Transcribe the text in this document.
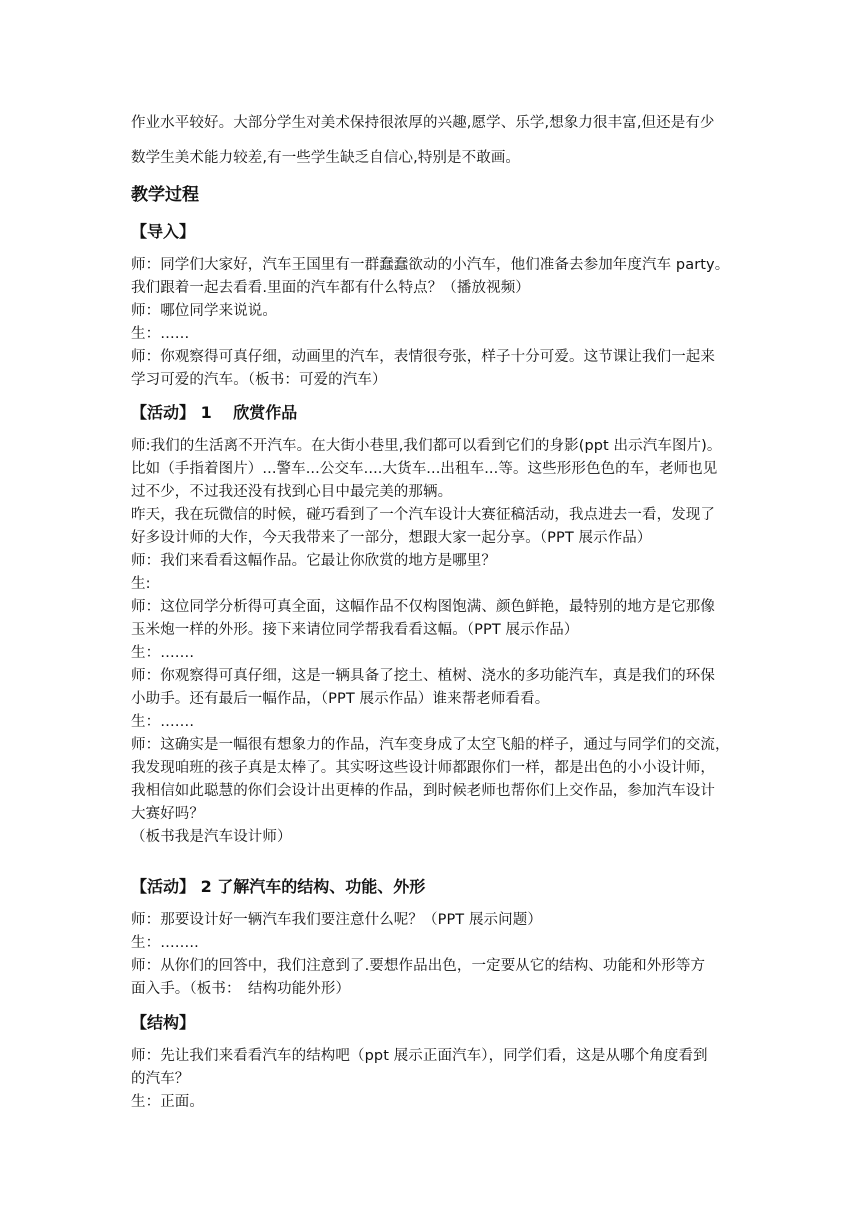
作业水平较好。大部分学生对美术保持很浓厚的兴趣,愿学、乐学,想象力很丰富,但还是有少

数学生美术能力较差,有一些学生缺乏自信心,特别是不敢画。

教学过程

【导入】

师：同学们大家好，汽车王国里有一群蠢蠢欲动的小汽车，他们准备去参加年度汽车 party。

我们跟着一起去看看.里面的汽车都有什么特点？（播放视频）

师：哪位同学来说说。

生：……

师：你观察得可真仔细，动画里的汽车，表情很夸张，样子十分可爱。这节课让我们一起来

学习可爱的汽车。（板书：可爱的汽车）

【活动】 1　 欣赏作品

师:我们的生活离不开汽车。在大街小巷里,我们都可以看到它们的身影(ppt 出示汽车图片)。

比如（手指着图片）...警车...公交车....大货车...出租车...等。这些形形色色的车，老师也见

过不少，不过我还没有找到心目中最完美的那辆。

昨天，我在玩微信的时候，碰巧看到了一个汽车设计大赛征稿活动，我点进去一看，发现了

好多设计师的大作，今天我带来了一部分，想跟大家一起分享。（PPT 展示作品）

师：我们来看看这幅作品。它最让你欣赏的地方是哪里？

生:

师：这位同学分析得可真全面，这幅作品不仅构图饱满、颜色鲜艳，最特别的地方是它那像

玉米炮一样的外形。接下来请位同学帮我看看这幅。（PPT 展示作品）

生：…….

师：你观察得可真仔细，这是一辆具备了挖土、植树、浇水的多功能汽车，真是我们的环保

小助手。还有最后一幅作品，（PPT 展示作品）谁来帮老师看看。

生：…….

师：这确实是一幅很有想象力的作品，汽车变身成了太空飞船的样子，通过与同学们的交流，

我发现咱班的孩子真是太棒了。其实呀这些设计师都跟你们一样，都是出色的小小设计师，

我相信如此聪慧的你们会设计出更棒的作品，到时候老师也帮你们上交作品，参加汽车设计

大赛好吗？

（板书我是汽车设计师）

【活动】 2 了解汽车的结构、功能、外形

师：那要设计好一辆汽车我们要注意什么呢？（PPT 展示问题）

生：……..

师：从你们的回答中，我们注意到了.要想作品出色，一定要从它的结构、功能和外形等方

面入手。（板书：　结构功能外形）

【结构】

师：先让我们来看看汽车的结构吧（ppt 展示正面汽车），同学们看，这是从哪个角度看到

的汽车？

生：正面。
